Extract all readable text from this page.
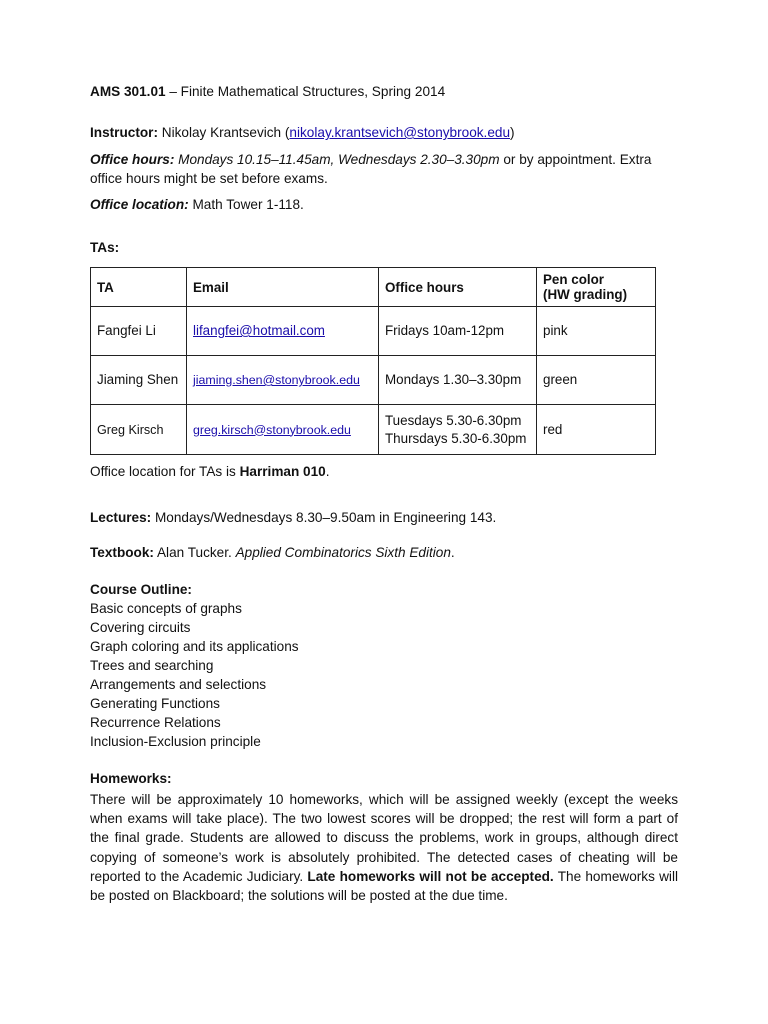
AMS 301.01 – Finite Mathematical Structures, Spring 2014
Instructor: Nikolay Krantsevich (nikolay.krantsevich@stonybrook.edu)
Office hours: Mondays 10.15–11.45am, Wednesdays 2.30–3.30pm or by appointment. Extra
office hours might be set before exams.
Office location: Math Tower 1-118.
TAs:
TA	Email	Office hours	Pen color
(HW grading)

Fangfei Li	lifangfei@hotmail.com	Fridays 10am-12pm	pink
Jiaming Shen	jiaming.shen@stonybrook.edu	Mondays 1.30–3.30pm	green
Greg Kirsch	greg.kirsch@stonybrook.edu	Tuesdays 5.30-6.30pm
Thursdays 5.30-6.30pm	red
Office location for TAs is Harriman 010.
Lectures: Mondays/Wednesdays 8.30–9.50am in Engineering 143.
Textbook: Alan Tucker. Applied Combinatorics Sixth Edition.
Course Outline:
Basic concepts of graphs
Covering circuits
Graph coloring and its applications
Trees and searching
Arrangements and selections
Generating Functions
Recurrence Relations
Inclusion-Exclusion principle
Homeworks:
There will be approximately 10 homeworks, which will be assigned weekly (except the weeks when exams will take place). The two lowest scores will be dropped; the rest will form a part of the final grade. Students are allowed to discuss the problems, work in groups, although direct copying of someone’s work is absolutely prohibited. The detected cases of cheating will be reported to the Academic Judiciary. Late homeworks will not be accepted. The homeworks will be posted on Blackboard; the solutions will be posted at the due time.
